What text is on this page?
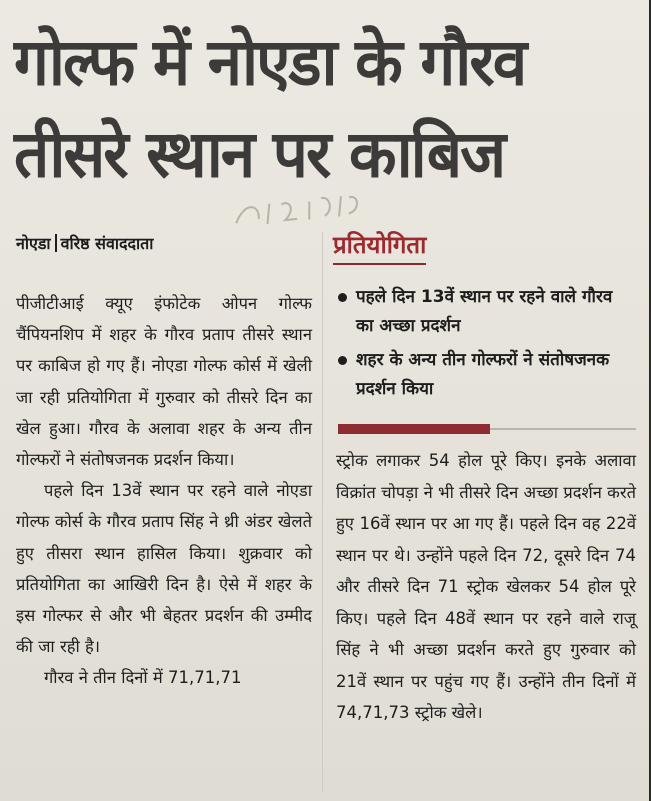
गोल्फ में नोएडा के गौरव
तीसरे स्थान पर काबिज
नोएडा वरिष्ठ संवाददाता

पीजीटीआई क्यूए इंफोटेक ओपन गोल्फ चैंपियनशिप में शहर के गौरव प्रताप तीसरे स्थान पर काबिज हो गए हैं। नोएडा गोल्फ कोर्स में खेली जा रही प्रतियोगिता में गुरुवार को तीसरे दिन का खेल हुआ। गौरव के अलावा शहर के अन्य तीन गोल्फरों ने संतोषजनक प्रदर्शन किया।

पहले दिन 13वें स्थान पर रहने वाले नोएडा गोल्फ कोर्स के गौरव प्रताप सिंह ने थ्री अंडर खेलते हुए तीसरा स्थान हासिल किया। शुक्रवार को प्रतियोगिता का आखिरी दिन है। ऐसे में शहर के इस गोल्फर से और भी बेहतर प्रदर्शन की उम्मीद की जा रही है।

गौरव ने तीन दिनों में 71,71,71

प्रतियोगिता
पहले दिन 13वें स्थान पर रहने वाले गौरव का अच्छा प्रदर्शन
शहर के अन्य तीन गोल्फरों ने संतोषजनक प्रदर्शन किया

स्ट्रोक लगाकर 54 होल पूरे किए। इनके अलावा विक्रांत चोपड़ा ने भी तीसरे दिन अच्छा प्रदर्शन करते हुए 16वें स्थान पर आ गए हैं। पहले दिन वह 22वें स्थान पर थे। उन्होंने पहले दिन 72, दूसरे दिन 74 और तीसरे दिन 71 स्ट्रोक खेलकर 54 होल पूरे किए। पहले दिन 48वें स्थान पर रहने वाले राजू सिंह ने भी अच्छा प्रदर्शन करते हुए गुरुवार को 21वें स्थान पर पहुंच गए हैं। उन्होंने तीन दिनों में 74,71,73 स्ट्रोक खेले।
